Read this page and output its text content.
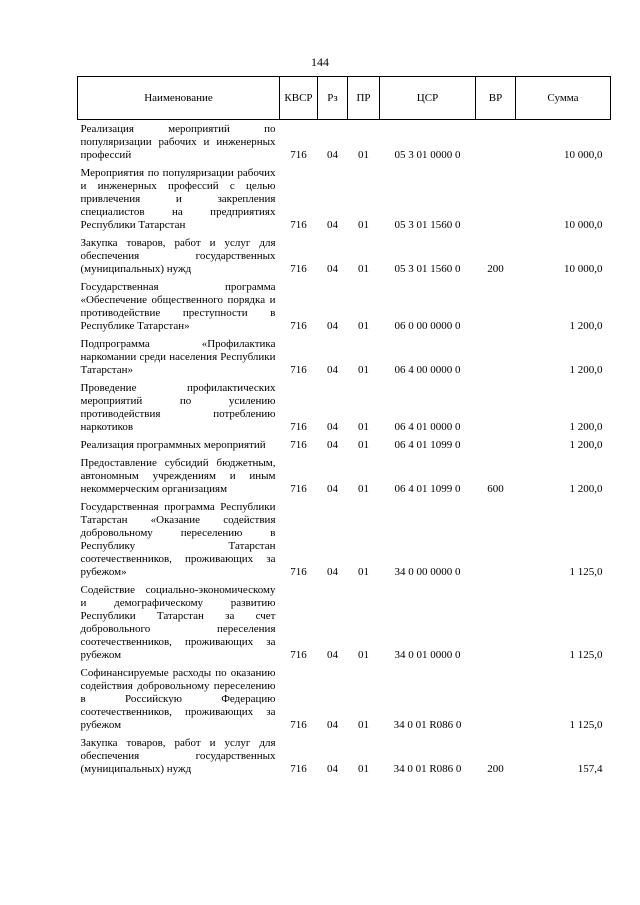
144
Наименование	КВСР	Рз	ПР	ЦСР	ВР	Сумма
Реализация мероприятий по популяризации рабочих и инженерных профессий	716	04	01	05 3 01 0000 0		10 000,0
Мероприятия по популяризации рабочих и инженерных профессий с целью привлечения и закрепления специалистов на предприятиях Республики Татарстан	716	04	01	05 3 01 1560 0		10 000,0
Закупка товаров, работ и услуг для обеспечения государственных (муниципальных) нужд	716	04	01	05 3 01 1560 0	200	10 000,0
Государственная программа «Обеспечение общественного порядка и противодействие преступности в Республике Татарстан»	716	04	01	06 0 00 0000 0		1 200,0
Подпрограмма «Профилактика наркомании среди населения Республики Татарстан»	716	04	01	06 4 00 0000 0		1 200,0
Проведение профилактических мероприятий по усилению противодействия потреблению наркотиков	716	04	01	06 4 01 0000 0		1 200,0
Реализация программных мероприятий	716	04	01	06 4 01 1099 0		1 200,0
Предоставление субсидий бюджетным, автономным учреждениям и иным некоммерческим организациям	716	04	01	06 4 01 1099 0	600	1 200,0
Государственная программа Республики Татарстан «Оказание содействия добровольному переселению в Республику Татарстан соотечественников, проживающих за рубежом»	716	04	01	34 0 00 0000 0		1 125,0
Содействие социально-экономическому и демографическому развитию Республики Татарстан за счет добровольного переселения соотечественников, проживающих за рубежом	716	04	01	34 0 01 0000 0		1 125,0
Софинансируемые расходы по оказанию содействия добровольному переселению в Российскую Федерацию соотечественников, проживающих за рубежом	716	04	01	34 0 01 R086 0		1 125,0
Закупка товаров, работ и услуг для обеспечения государственных (муниципальных) нужд	716	04	01	34 0 01 R086 0	200	157,4
